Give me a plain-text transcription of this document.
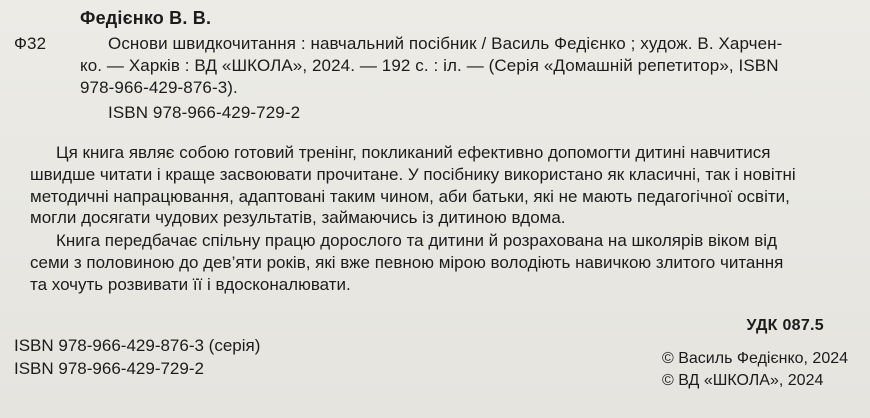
Федієнко В. В.
Ф32	Основи швидкочитання : навчальний посібник / Василь Федієнко ; худож. В. Харчен-
ко. — Харків : ВД «ШКОЛА», 2024. — 192 с. : іл. — (Серія «Домашній репетитор», ISBN
978-966-429-876-3).
ISBN 978-966-429-729-2
Ця книга являє собою готовий тренінг, покликаний ефективно допомогти дитині навчитися
швидше читати і краще засвоювати прочитане. У посібнику використано як класичні, так і новітні
методичні напрацювання, адаптовані таким чином, аби батьки, які не мають педагогічної освіти,
могли досягати чудових результатів, займаючись із дитиною вдома.
Книга передбачає спільну працю дорослого та дитини й розрахована на школярів віком від
семи з половиною до дев’яти років, які вже певною мірою володіють навичкою злитого читання
та хочуть розвивати її і вдосконалювати.
УДК 087.5
ISBN 978-966-429-876-3 (серія)
ISBN 978-966-429-729-2
© Василь Федієнко, 2024
© ВД «ШКОЛА», 2024
